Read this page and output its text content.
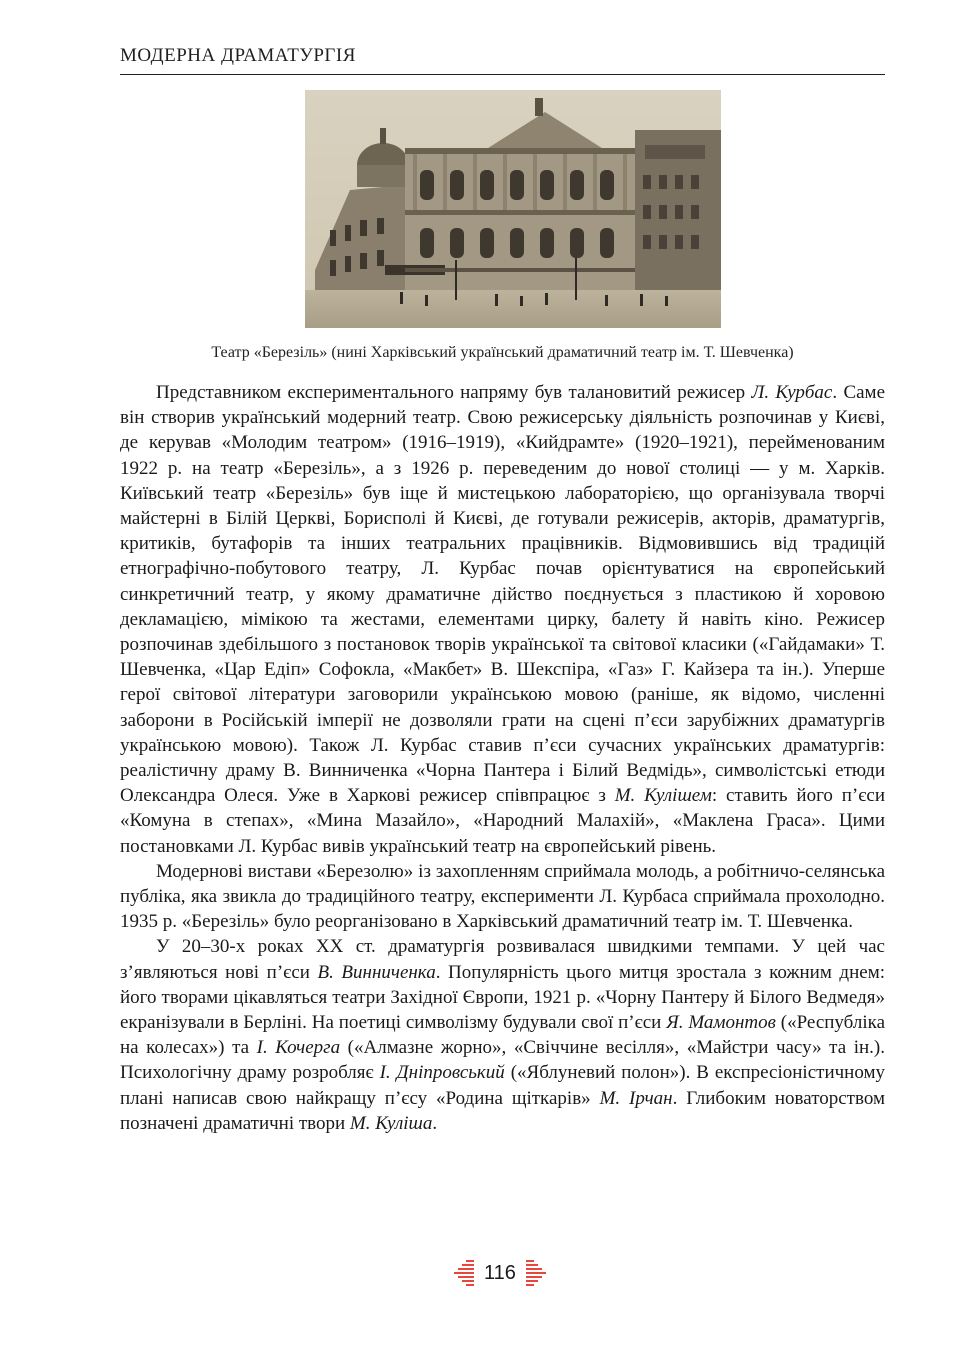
МОДЕРНА ДРАМАТУРГІЯ
Театр «Березіль» (нині Харківський український драматичний театр ім. Т. Шевченка)

Представником експериментального напряму був талановитий режисер Л. Курбас. Саме він створив український модерний театр. Свою режисерську діяльність розпочинав у Києві, де керував «Молодим театром» (1916–1919), «Кийдрамте» (1920–1921), перейменованим 1922 р. на театр «Березіль», а з 1926 р. переведеним до нової столиці — у м. Харків. Київський театр «Березіль» був іще й мистецькою лабораторією, що організувала творчі майстерні в Білій Церкві, Борисполі й Києві, де готували режисерів, акторів, драматургів, критиків, бутафорів та інших театральних працівників. Відмовившись від традицій етнографічно-побутового театру, Л. Курбас почав орієнтуватися на європейський синкретичний театр, у якому драматичне дійство поєднується з пластикою й хоровою декламацією, мімікою та жестами, елементами цирку, балету й навіть кіно. Режисер розпочинав здебільшого з постановок творів української та світової класики («Гайдамаки» Т. Шевченка, «Цар Едіп» Софокла, «Макбет» В. Шекспіра, «Газ» Г. Кайзера та ін.). Уперше герої світової літератури заговорили українською мовою (раніше, як відомо, численні заборони в Російській імперії не дозволяли грати на сцені п’єси зарубіжних драматургів українською мовою). Також Л. Курбас ставив п’єси сучасних українських драматургів: реалістичну драму В. Винниченка «Чорна Пантера і Білий Ведмідь», символістські етюди Олександра Олеся. Уже в Харкові режисер співпрацює з М. Кулішем: ставить його п’єси «Комуна в степах», «Мина Мазайло», «Народний Малахій», «Маклена Граса». Цими постановками Л. Курбас вивів український театр на європейський рівень.

Модернові вистави «Березолю» із захопленням сприймала молодь, а робітничо-селянська публіка, яка звикла до традиційного театру, експерименти Л. Курбаса сприймала прохолодно. 1935 р. «Березіль» було реорганізовано в Харківський драматичний театр ім. Т. Шевченка.

У 20–30-х роках XX ст. драматургія розвивалася швидкими темпами. У цей час з’являються нові п’єси В. Винниченка. Популярність цього митця зростала з кожним днем: його творами цікавляться театри Західної Європи, 1921 р. «Чорну Пантеру й Білого Ведмедя» екранізували в Берліні. На поетиці символізму будували свої п’єси Я. Мамонтов («Республіка на колесах») та І. Кочерга («Алмазне жорно», «Свіччине весілля», «Майстри часу» та ін.). Психологічну драму розробляє І. Дніпровський («Яблуневий полон»). В експресіоністичному плані написав свою найкращу п’єсу «Родина щіткарів» М. Ірчан. Глибоким новаторством позначені драматичні твори М. Куліша.

116
